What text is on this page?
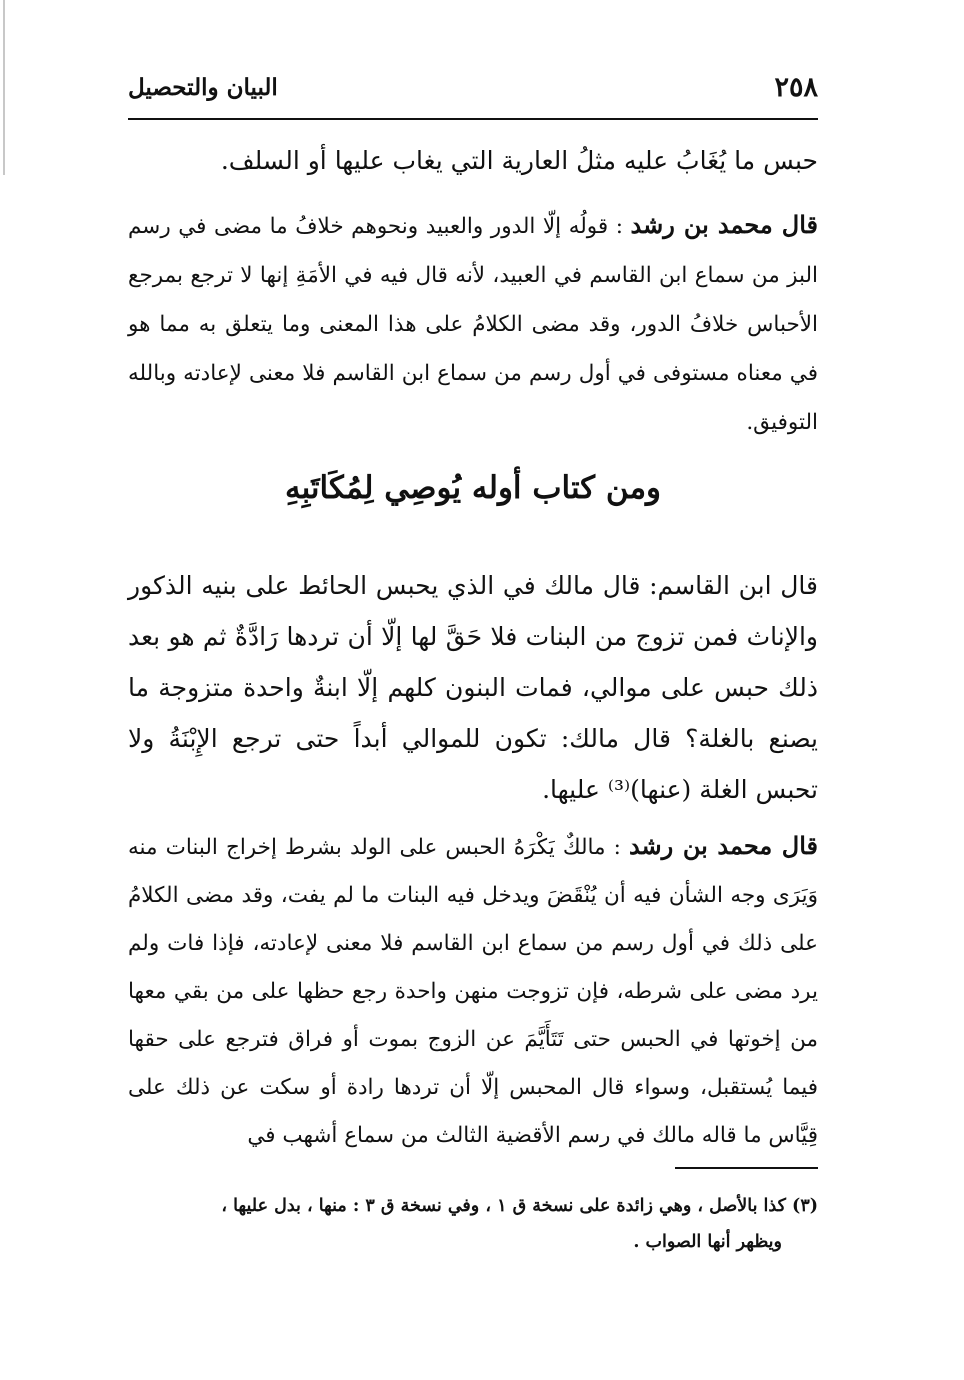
٢٥٨
البيان والتحصيل

حبس ما يُغَابُ عليه مثلُ العارية التي يغاب عليها أو السلف.

قال محمد بن رشد : قولُه إلّا الدور والعبيد ونحوهم خلافُ ما مضى في رسم البز من سماع ابن القاسم في العبيد، لأنه قال فيه في الأمَةِ إنها لا ترجع بمرجع الأحباس خلافُ الدور، وقد مضى الكلامُ على هذا المعنى وما يتعلق به مما هو في معناه مستوفى في أول رسم من سماع ابن القاسم فلا معنى لإعادته وبالله التوفيق.

ومن كتاب أوله يُوصِي لِمُكَاتَبِهِ

قال ابن القاسم: قال مالك في الذي يحبس الحائط على بنيه الذكور والإناث فمن تزوج من البنات فلا حَقَّ لها إلّا أن تردها رَادَّةٌ ثم هو بعد ذلك حبس على موالي، فمات البنون كلهم إلّا ابنةٌ واحدة متزوجة ما يصنع بالغلة؟ قال مالك: تكون للموالي أبداً حتى ترجع الإِبْنَةُ ولا تحبس الغلة (عنها)⁽³⁾ عليها.

قال محمد بن رشد : مالكٌ يَكْرَهُ الحبس على الولد بشرط إخراج البنات منه وَيَرَى وجه الشأن فيه أن يُنْقَضَ ويدخل فيه البنات ما لم يفت، وقد مضى الكلامُ على ذلك في أول رسم من سماع ابن القاسم فلا معنى لإعادته، فإذا فات ولم يرد مضى على شرطه، فإن تزوجت منهن واحدة رجع حظها على من بقي معها من إخوتها في الحبس حتى تَتَأَيَّمَ عن الزوج بموت أو فراق فترجع على حقها فيما يُستقبل، وسواء قال المحبس إلّا أن تردها رادة أو سكت عن ذلك على قِيَّاس ما قاله مالك في رسم الأقضية الثالث من سماع أشهب في

(٣) كذا بالأصل ، وهي زائدة على نسخة ق ١ ، وفي نسخة ق ٣ : منها ، بدل عليها ،
ويظهر أنها الصواب .
